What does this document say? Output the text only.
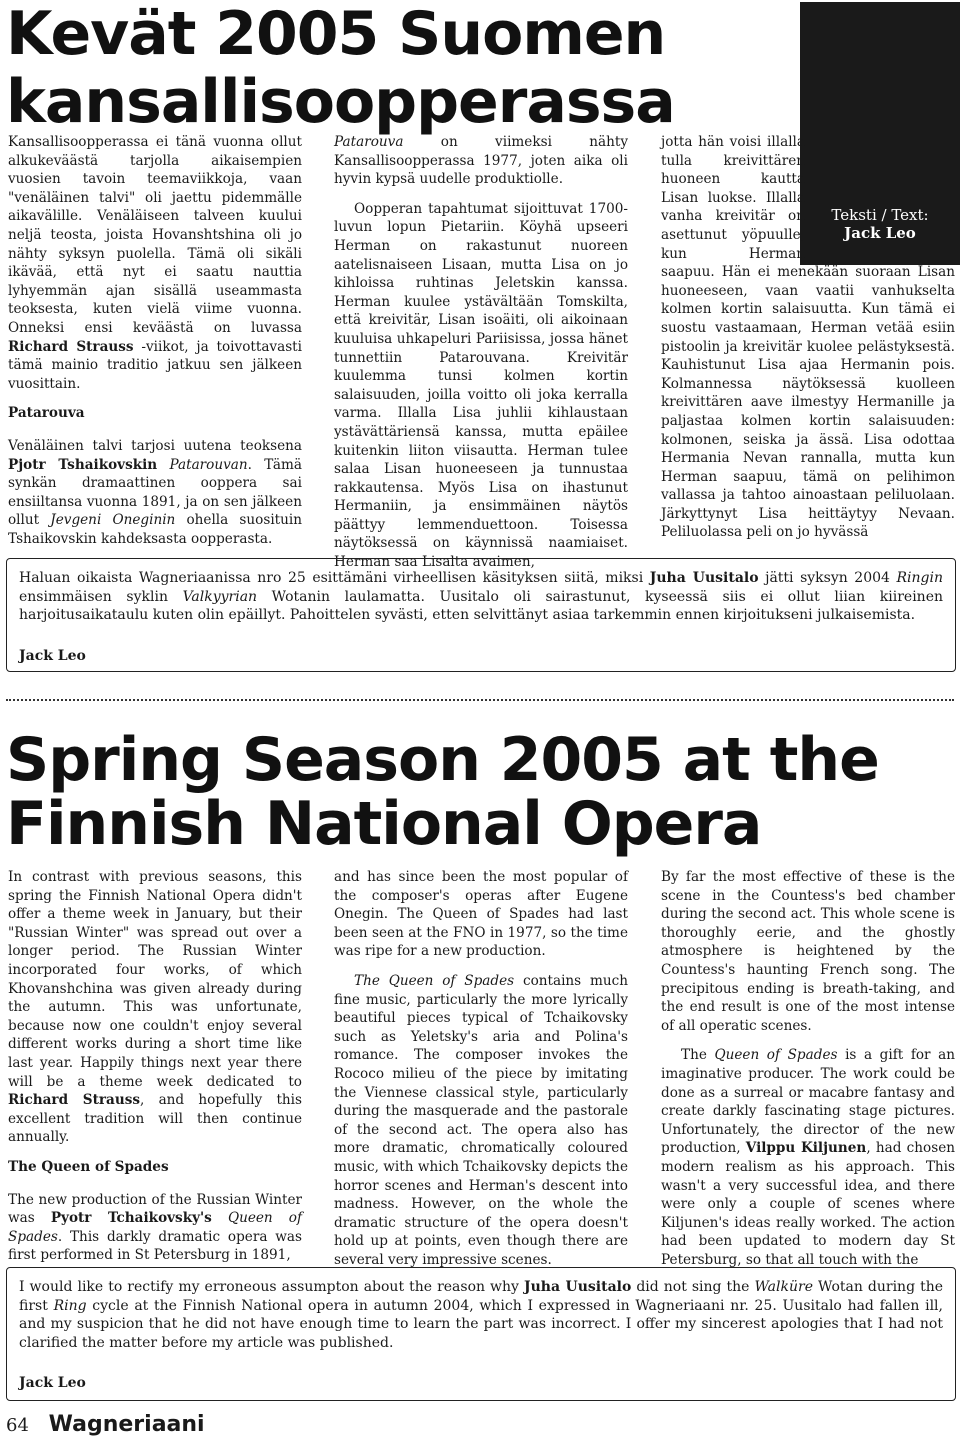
Kevät 2005 Suomen
kansallisoopperassa
Teksti / Text:
Jack Leo

Kansallisoopperassa ei tänä vuonna ollut alkukeväästä tarjolla aikaisempien vuosien tavoin teemaviikkoja, vaan "venäläinen talvi" oli jaettu pidemmälle aikavälille. Venäläiseen talveen kuului neljä teosta, joista Hovanshtshina oli jo nähty syksyn puolella. Tämä oli sikäli ikävää, että nyt ei saatu nauttia lyhyemmän ajan sisällä useammasta teoksesta, kuten vielä viime vuonna. Onneksi ensi keväästä on luvassa Richard Strauss -viikot, ja toivottavasti tämä mainio traditio jatkuu sen jälkeen vuosittain.

Patarouva

Venäläinen talvi tarjosi uutena teoksena Pjotr Tshaikovskin Patarouvan. Tämä synkän dramaattinen ooppera sai ensiiltansa vuonna 1891, ja on sen jälkeen ollut Jevgeni Oneginin ohella suosituin Tshaikovskin kahdeksasta oopperasta.

Patarouva on viimeksi nähty Kansallisoopperassa 1977, joten aika oli hyvin kypsä uudelle produktiolle.

Oopperan tapahtumat sijoittuvat 1700-luvun lopun Pietariin. Köyhä upseeri Herman on rakastunut nuoreen aatelisnaiseen Lisaan, mutta Lisa on jo kihloissa ruhtinas Jeletskin kanssa. Herman kuulee ystävältään Tomskilta, että kreivitär, Lisan isoäiti, oli aikoinaan kuuluisa uhkapeluri Pariisissa, jossa hänet tunnettiin Patarouvana. Kreivitär kuulemma tunsi kolmen kortin salaisuuden, joilla voitto oli joka kerralla varma. Illalla Lisa juhlii kihlaustaan ystävättäriensä kanssa, mutta epäilee kuitenkin liiton viisautta. Herman tulee salaa Lisan huoneeseen ja tunnustaa rakkautensa. Myös Lisa on ihastunut Hermaniin, ja ensimmäinen näytös päättyy lemmenduettoon. Toisessa näytöksessä on käynnissä naamiaiset. Herman saa Lisalta avaimen,

jotta hän voisi illalla tulla kreivittären huoneen kautta Lisan luokse. Illalla vanha kreivitär on asettunut yöpuulle, kun Herman saapuu. Hän ei menekään suoraan Lisan huoneeseen, vaan vaatii vanhukselta kolmen kortin salaisuutta. Kun tämä ei suostu vastaamaan, Herman vetää esiin pistoolin ja kreivitär kuolee pelästyksestä. Kauhistunut Lisa ajaa Hermanin pois. Kolmannessa näytöksessä kuolleen kreivittären aave ilmestyy Hermanille ja paljastaa kolmen kortin salaisuuden: kolmonen, seiska ja ässä. Lisa odottaa Hermania Nevan rannalla, mutta kun Herman saapuu, tämä on pelihimon vallassa ja tahtoo ainoastaan peliluolaan. Järkyttynyt Lisa heittäytyy Nevaan. Peliluolassa peli on jo hyvässä

Haluan oikaista Wagneriaanissa nro 25 esittämäni virheellisen käsityksen siitä, miksi Juha Uusitalo jätti syksyn 2004 Ringin ensimmäisen syklin Valkyyrian Wotanin laulamatta. Uusitalo oli sairastunut, kyseessä siis ei ollut liian kiireinen harjoitusaikataulu kuten olin epäillyt. Pahoittelen syvästi, etten selvittänyt asiaa tarkemmin ennen kirjoitukseni julkaisemista.

Jack Leo

Spring Season 2005 at the
Finnish National Opera

In contrast with previous seasons, this spring the Finnish National Opera didn't offer a theme week in January, but their "Russian Winter" was spread out over a longer period. The Russian Winter incorporated four works, of which Khovanshchina was given already during the autumn. This was unfortunate, because now one couldn't enjoy several different works during a short time like last year. Happily things next year there will be a theme week dedicated to Richard Strauss, and hopefully this excellent tradition will then continue annually.

The Queen of Spades

The new production of the Russian Winter was Pyotr Tchaikovsky's Queen of Spades. This darkly dramatic opera was first performed in St Petersburg in 1891,

and has since been the most popular of the composer's operas after Eugene Onegin. The Queen of Spades had last been seen at the FNO in 1977, so the time was ripe for a new production.

The Queen of Spades contains much fine music, particularly the more lyrically beautiful pieces typical of Tchaikovsky such as Yeletsky's aria and Polina's romance. The composer invokes the Rococo milieu of the piece by imitating the Viennese classical style, particularly during the masquerade and the pastorale of the second act. The opera also has more dramatic, chromatically coloured music, with which Tchaikovsky depicts the horror scenes and Herman's descent into madness. However, on the whole the dramatic structure of the opera doesn't hold up at points, even though there are several very impressive scenes.

By far the most effective of these is the scene in the Countess's bed chamber during the second act. This whole scene is thoroughly eerie, and the ghostly atmosphere is heightened by the Countess's haunting French song. The precipitous ending is breath-taking, and the end result is one of the most intense of all operatic scenes.

The Queen of Spades is a gift for an imaginative producer. The work could be done as a surreal or macabre fantasy and create darkly fascinating stage pictures. Unfortunately, the director of the new production, Vilppu Kiljunen, had chosen modern realism as his approach. This wasn't a very successful idea, and there were only a couple of scenes where Kiljunen's ideas really worked. The action had been updated to modern day St Petersburg, so that all touch with the

I would like to rectify my erroneous assumpton about the reason why Juha Uusitalo did not sing the Walküre Wotan during the first Ring cycle at the Finnish National opera in autumn 2004, which I expressed in Wagneriaani nr. 25. Uusitalo had fallen ill, and my suspicion that he did not have enough time to learn the part was incorrect. I offer my sincerest apologies that I had not clarified the matter before my article was published.

Jack Leo

64 Wagneriaani
